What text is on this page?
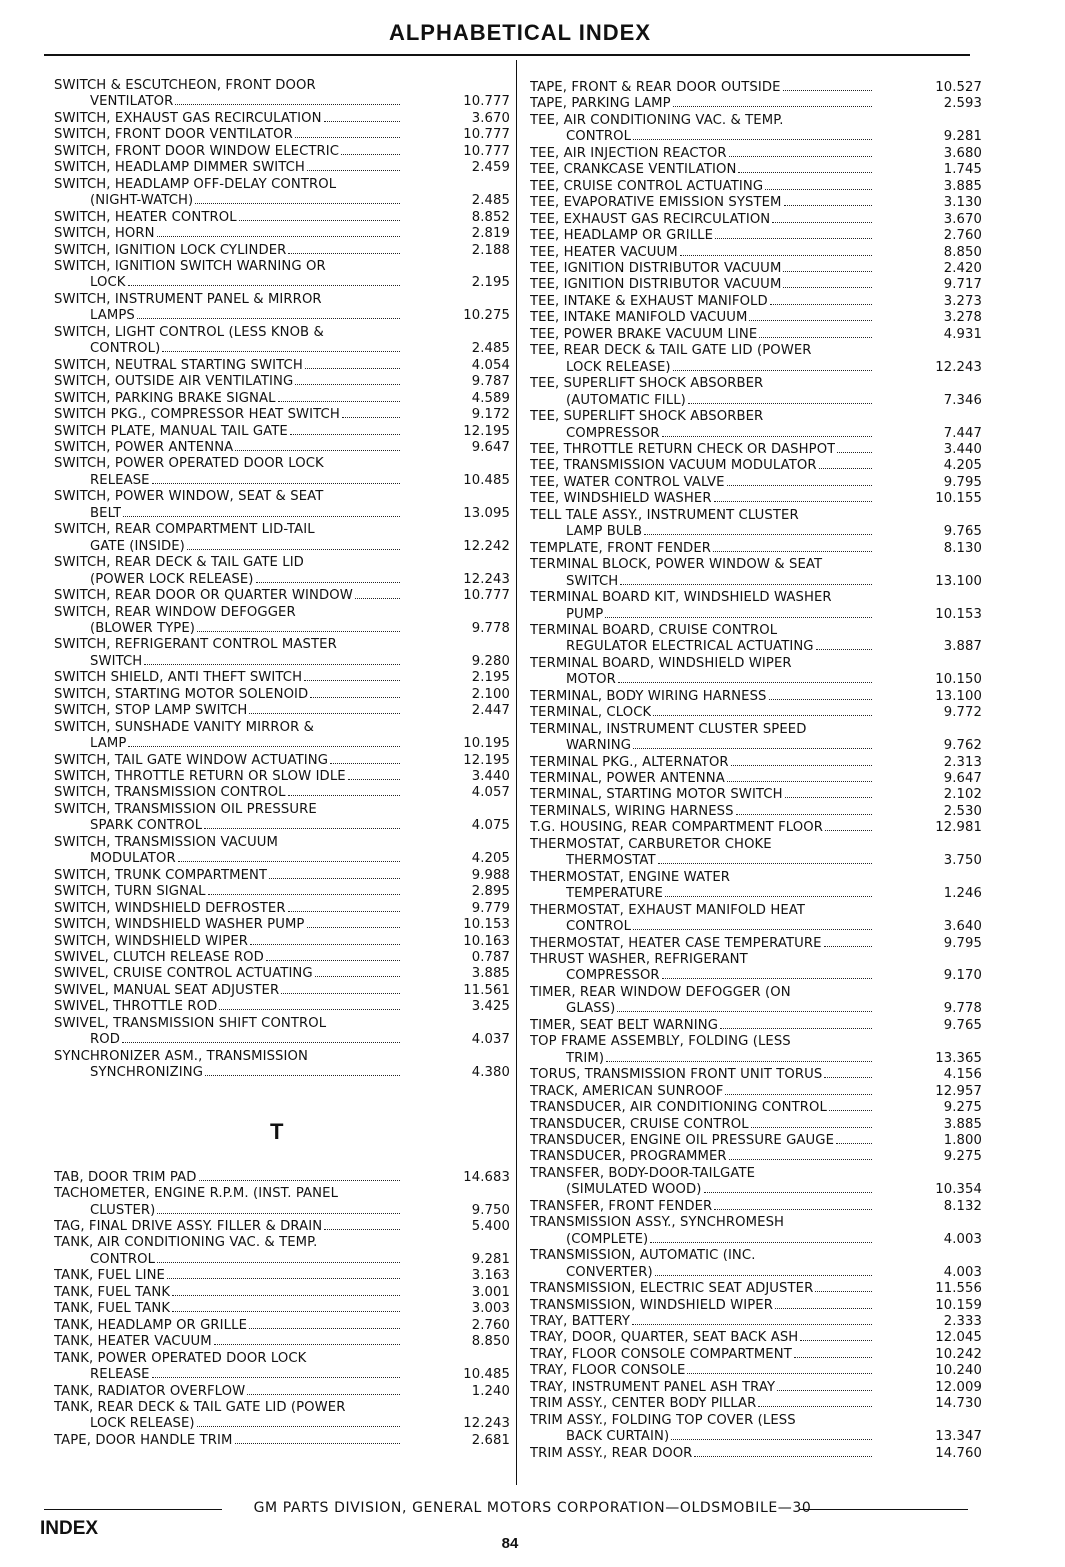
ALPHABETICAL INDEX
SWITCH & ESCUTCHEON, FRONT DOOR
VENTILATOR	10.777
SWITCH, EXHAUST GAS RECIRCULATION	3.670
SWITCH, FRONT DOOR VENTILATOR	10.777
SWITCH, FRONT DOOR WINDOW ELECTRIC	10.777
SWITCH, HEADLAMP DIMMER SWITCH	2.459
SWITCH, HEADLAMP OFF-DELAY CONTROL
(NIGHT-WATCH)	2.485
SWITCH, HEATER CONTROL	8.852
SWITCH, HORN	2.819
SWITCH, IGNITION LOCK CYLINDER	2.188
SWITCH, IGNITION SWITCH WARNING OR
LOCK	2.195
SWITCH, INSTRUMENT PANEL & MIRROR
LAMPS	10.275
SWITCH, LIGHT CONTROL (LESS KNOB &
CONTROL)	2.485
SWITCH, NEUTRAL STARTING SWITCH	4.054
SWITCH, OUTSIDE AIR VENTILATING	9.787
SWITCH, PARKING BRAKE SIGNAL	4.589
SWITCH PKG., COMPRESSOR HEAT SWITCH	9.172
SWITCH PLATE, MANUAL TAIL GATE	12.195
SWITCH, POWER ANTENNA	9.647
SWITCH, POWER OPERATED DOOR LOCK
RELEASE	10.485
SWITCH, POWER WINDOW, SEAT & SEAT
BELT	13.095
SWITCH, REAR COMPARTMENT LID-TAIL
GATE (INSIDE)	12.242
SWITCH, REAR DECK & TAIL GATE LID
(POWER LOCK RELEASE)	12.243
SWITCH, REAR DOOR OR QUARTER WINDOW	10.777
SWITCH, REAR WINDOW DEFOGGER
(BLOWER TYPE)	9.778
SWITCH, REFRIGERANT CONTROL MASTER
SWITCH	9.280
SWITCH SHIELD, ANTI THEFT SWITCH	2.195
SWITCH, STARTING MOTOR SOLENOID	2.100
SWITCH, STOP LAMP SWITCH	2.447
SWITCH, SUNSHADE VANITY MIRROR &
LAMP	10.195
SWITCH, TAIL GATE WINDOW ACTUATING	12.195
SWITCH, THROTTLE RETURN OR SLOW IDLE	3.440
SWITCH, TRANSMISSION CONTROL	4.057
SWITCH, TRANSMISSION OIL PRESSURE
SPARK CONTROL	4.075
SWITCH, TRANSMISSION VACUUM
MODULATOR	4.205
SWITCH, TRUNK COMPARTMENT	9.988
SWITCH, TURN SIGNAL	2.895
SWITCH, WINDSHIELD DEFROSTER	9.779
SWITCH, WINDSHIELD WASHER PUMP	10.153
SWITCH, WINDSHIELD WIPER	10.163
SWIVEL, CLUTCH RELEASE ROD	0.787
SWIVEL, CRUISE CONTROL ACTUATING	3.885
SWIVEL, MANUAL SEAT ADJUSTER	11.561
SWIVEL, THROTTLE ROD	3.425
SWIVEL, TRANSMISSION SHIFT CONTROL
ROD	4.037
SYNCHRONIZER ASM., TRANSMISSION
SYNCHRONIZING	4.380
T
TAB, DOOR TRIM PAD	14.683
TACHOMETER, ENGINE R.P.M. (INST. PANEL
CLUSTER)	9.750
TAG, FINAL DRIVE ASSY. FILLER & DRAIN	5.400
TANK, AIR CONDITIONING VAC. & TEMP.
CONTROL	9.281
TANK, FUEL LINE	3.163
TANK, FUEL TANK	3.001
TANK, FUEL TANK	3.003
TANK, HEADLAMP OR GRILLE	2.760
TANK, HEATER VACUUM	8.850
TANK, POWER OPERATED DOOR LOCK
RELEASE	10.485
TANK, RADIATOR OVERFLOW	1.240
TANK, REAR DECK & TAIL GATE LID (POWER
LOCK RELEASE)	12.243
TAPE, DOOR HANDLE TRIM	2.681
TAPE, FRONT & REAR DOOR OUTSIDE	10.527
TAPE, PARKING LAMP	2.593
TEE, AIR CONDITIONING VAC. & TEMP.
CONTROL	9.281
TEE, AIR INJECTION REACTOR	3.680
TEE, CRANKCASE VENTILATION	1.745
TEE, CRUISE CONTROL ACTUATING	3.885
TEE, EVAPORATIVE EMISSION SYSTEM	3.130
TEE, EXHAUST GAS RECIRCULATION	3.670
TEE, HEADLAMP OR GRILLE	2.760
TEE, HEATER VACUUM	8.850
TEE, IGNITION DISTRIBUTOR VACUUM	2.420
TEE, IGNITION DISTRIBUTOR VACUUM	9.717
TEE, INTAKE & EXHAUST MANIFOLD	3.273
TEE, INTAKE MANIFOLD VACUUM	3.278
TEE, POWER BRAKE VACUUM LINE	4.931
TEE, REAR DECK & TAIL GATE LID (POWER
LOCK RELEASE)	12.243
TEE, SUPERLIFT SHOCK ABSORBER
(AUTOMATIC FILL)	7.346
TEE, SUPERLIFT SHOCK ABSORBER
COMPRESSOR	7.447
TEE, THROTTLE RETURN CHECK OR DASHPOT	3.440
TEE, TRANSMISSION VACUUM MODULATOR	4.205
TEE, WATER CONTROL VALVE	9.795
TEE, WINDSHIELD WASHER	10.155
TELL TALE ASSY., INSTRUMENT CLUSTER
LAMP BULB	9.765
TEMPLATE, FRONT FENDER	8.130
TERMINAL BLOCK, POWER WINDOW & SEAT
SWITCH	13.100
TERMINAL BOARD KIT, WINDSHIELD WASHER
PUMP	10.153
TERMINAL BOARD, CRUISE CONTROL
REGULATOR ELECTRICAL ACTUATING	3.887
TERMINAL BOARD, WINDSHIELD WIPER
MOTOR	10.150
TERMINAL, BODY WIRING HARNESS	13.100
TERMINAL, CLOCK	9.772
TERMINAL, INSTRUMENT CLUSTER SPEED
WARNING	9.762
TERMINAL PKG., ALTERNATOR	2.313
TERMINAL, POWER ANTENNA	9.647
TERMINAL, STARTING MOTOR SWITCH	2.102
TERMINALS, WIRING HARNESS	2.530
T.G. HOUSING, REAR COMPARTMENT FLOOR	12.981
THERMOSTAT, CARBURETOR CHOKE
THERMOSTAT	3.750
THERMOSTAT, ENGINE WATER
TEMPERATURE	1.246
THERMOSTAT, EXHAUST MANIFOLD HEAT
CONTROL	3.640
THERMOSTAT, HEATER CASE TEMPERATURE	9.795
THRUST WASHER, REFRIGERANT
COMPRESSOR	9.170
TIMER, REAR WINDOW DEFOGGER (ON
GLASS)	9.778
TIMER, SEAT BELT WARNING	9.765
TOP FRAME ASSEMBLY, FOLDING (LESS
TRIM)	13.365
TORUS, TRANSMISSION FRONT UNIT TORUS	4.156
TRACK, AMERICAN SUNROOF	12.957
TRANSDUCER, AIR CONDITIONING CONTROL	9.275
TRANSDUCER, CRUISE CONTROL	3.885
TRANSDUCER, ENGINE OIL PRESSURE GAUGE	1.800
TRANSDUCER, PROGRAMMER	9.275
TRANSFER, BODY-DOOR-TAILGATE
(SIMULATED WOOD)	10.354
TRANSFER, FRONT FENDER	8.132
TRANSMISSION ASSY., SYNCHROMESH
(COMPLETE)	4.003
TRANSMISSION, AUTOMATIC (INC.
CONVERTER)	4.003
TRANSMISSION, ELECTRIC SEAT ADJUSTER	11.556
TRANSMISSION, WINDSHIELD WIPER	10.159
TRAY, BATTERY	2.333
TRAY, DOOR, QUARTER, SEAT BACK ASH	12.045
TRAY, FLOOR CONSOLE COMPARTMENT	10.242
TRAY, FLOOR CONSOLE	10.240
TRAY, INSTRUMENT PANEL ASH TRAY	12.009
TRIM ASSY., CENTER BODY PILLAR	14.730
TRIM ASSY., FOLDING TOP COVER (LESS
BACK CURTAIN)	13.347
TRIM ASSY., REAR DOOR	14.760
GM PARTS DIVISION, GENERAL MOTORS CORPORATION—OLDSMOBILE—30
INDEX
84
